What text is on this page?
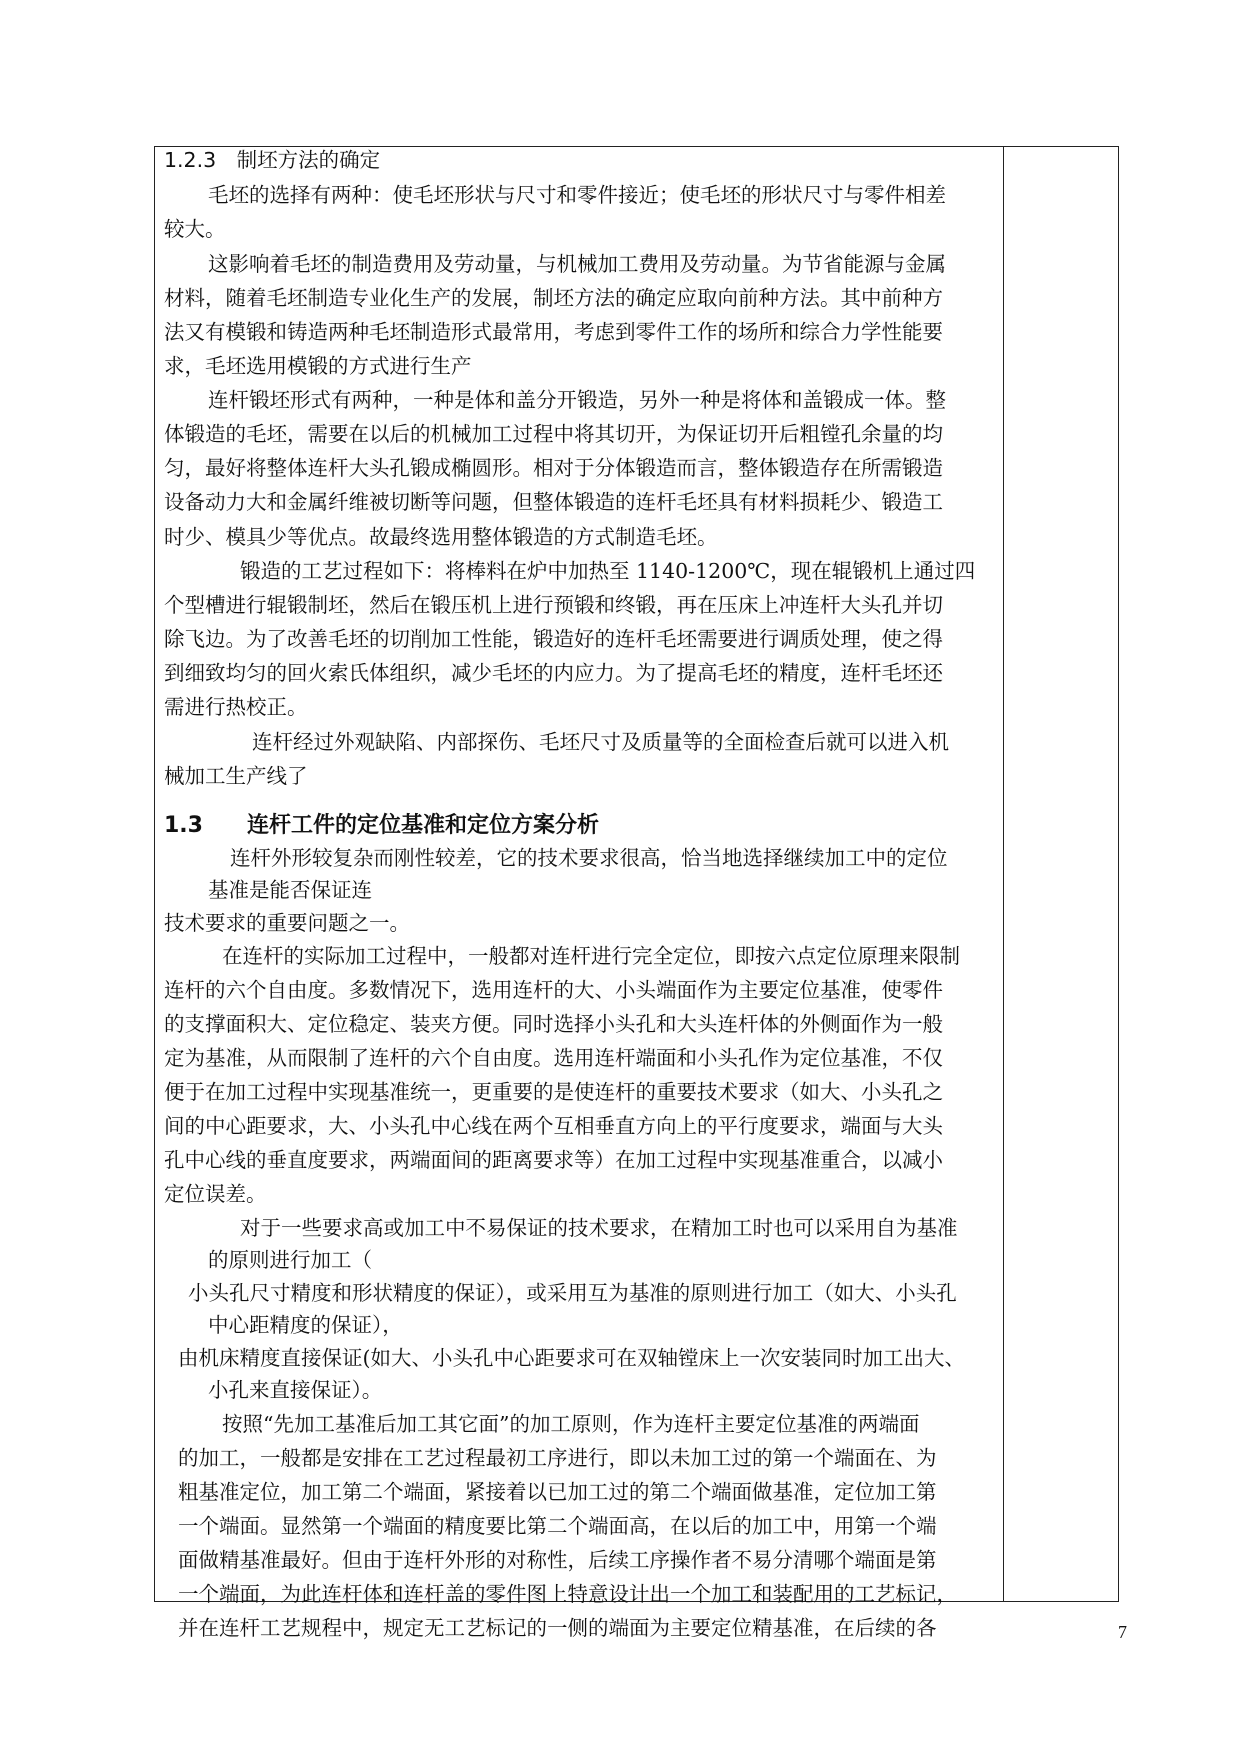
1.2.3　制坯方法的确定
毛坯的选择有两种：使毛坯形状与尺寸和零件接近；使毛坯的形状尺寸与零件相差
较大。
这影响着毛坯的制造费用及劳动量，与机械加工费用及劳动量。为节省能源与金属
材料，随着毛坯制造专业化生产的发展，制坯方法的确定应取向前种方法。其中前种方
法又有模锻和铸造两种毛坯制造形式最常用，考虑到零件工作的场所和综合力学性能要
求，毛坯选用模锻的方式进行生产
连杆锻坯形式有两种，一种是体和盖分开锻造，另外一种是将体和盖锻成一体。整
体锻造的毛坯，需要在以后的机械加工过程中将其切开，为保证切开后粗镗孔余量的均
匀，最好将整体连杆大头孔锻成椭圆形。相对于分体锻造而言，整体锻造存在所需锻造
设备动力大和金属纤维被切断等问题，但整体锻造的连杆毛坯具有材料损耗少、锻造工
时少、模具少等优点。故最终选用整体锻造的方式制造毛坯。
锻造的工艺过程如下：将棒料在炉中加热至 1140-1200℃，现在辊锻机上通过四
个型槽进行辊锻制坯，然后在锻压机上进行预锻和终锻，再在压床上冲连杆大头孔并切
除飞边。为了改善毛坯的切削加工性能，锻造好的连杆毛坯需要进行调质处理，使之得
到细致均匀的回火索氏体组织，减少毛坯的内应力。为了提高毛坯的精度，连杆毛坯还
需进行热校正。
连杆经过外观缺陷、内部探伤、毛坯尺寸及质量等的全面检查后就可以进入机
械加工生产线了
1.3　　连杆工件的定位基准和定位方案分析
连杆外形较复杂而刚性较差，它的技术要求很高，恰当地选择继续加工中的定位
基准是能否保证连
技术要求的重要问题之一。
在连杆的实际加工过程中，一般都对连杆进行完全定位，即按六点定位原理来限制
连杆的六个自由度。多数情况下，选用连杆的大、小头端面作为主要定位基准，使零件
的支撑面积大、定位稳定、装夹方便。同时选择小头孔和大头连杆体的外侧面作为一般
定为基准，从而限制了连杆的六个自由度。选用连杆端面和小头孔作为定位基准，不仅
便于在加工过程中实现基准统一，更重要的是使连杆的重要技术要求（如大、小头孔之
间的中心距要求，大、小头孔中心线在两个互相垂直方向上的平行度要求，端面与大头
孔中心线的垂直度要求，两端面间的距离要求等）在加工过程中实现基准重合，以减小
定位误差。
对于一些要求高或加工中不易保证的技术要求，在精加工时也可以采用自为基准
的原则进行加工（
小头孔尺寸精度和形状精度的保证），或采用互为基准的原则进行加工（如大、小头孔
中心距精度的保证），
由机床精度直接保证(如大、小头孔中心距要求可在双轴镗床上一次安装同时加工出大、
小孔来直接保证）。
按照“先加工基准后加工其它面”的加工原则，作为连杆主要定位基准的两端面
的加工，一般都是安排在工艺过程最初工序进行，即以未加工过的第一个端面在、为
粗基准定位，加工第二个端面，紧接着以已加工过的第二个端面做基准，定位加工第
一个端面。显然第一个端面的精度要比第二个端面高，在以后的加工中，用第一个端
面做精基准最好。但由于连杆外形的对称性，后续工序操作者不易分清哪个端面是第
一个端面，为此连杆体和连杆盖的零件图上特意设计出一个加工和装配用的工艺标记，
并在连杆工艺规程中，规定无工艺标记的一侧的端面为主要定位精基准，在后续的各	7
